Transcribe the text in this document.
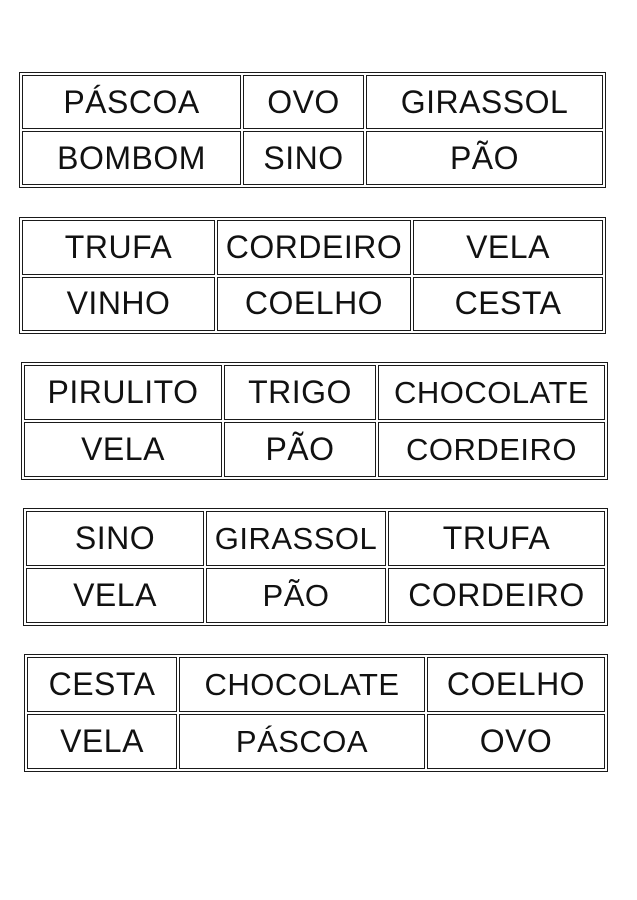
PÁSCOA	OVO	GIRASSOL
BOMBOM	SINO	PÃO
TRUFA	CORDEIRO	VELA
VINHO	COELHO	CESTA
PIRULITO	TRIGO	CHOCOLATE
VELA	PÃO	CORDEIRO
SINO	GIRASSOL	TRUFA
VELA	PÃO	CORDEIRO
CESTA	CHOCOLATE	COELHO
VELA	PÁSCOA	OVO
